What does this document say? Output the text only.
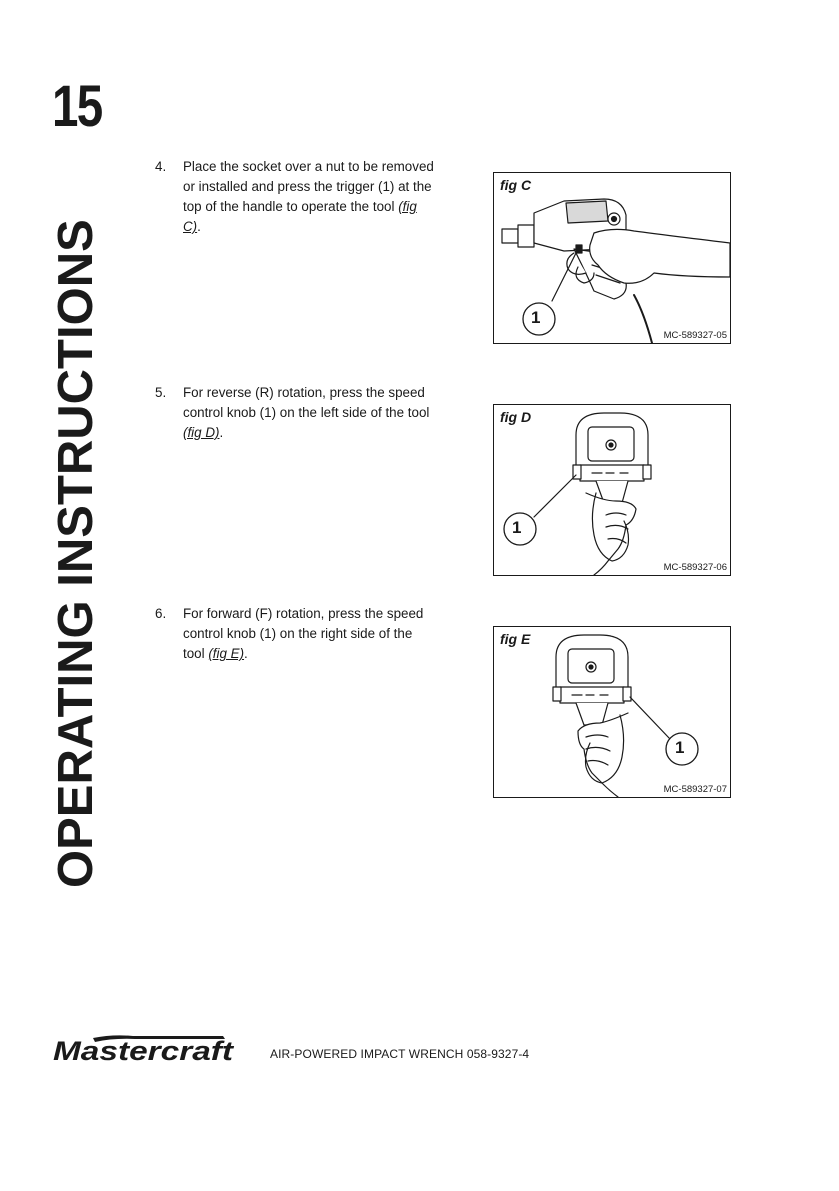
15
OPERATING INSTRUCTIONS
4. Place the socket over a nut to be removed or installed and press the trigger (1) at the top of the handle to operate the tool (fig C).
5. For reverse (R) rotation, press the speed control knob (1) on the left side of the tool (fig D).
6. For forward (F) rotation, press the speed control knob (1) on the right side of the tool (fig E).
fig C
1
MC-589327-05
fig D
1
MC-589327-06
fig E
1
MC-589327-07
Mastercraft	AIR-POWERED IMPACT WRENCH 058-9327-4
